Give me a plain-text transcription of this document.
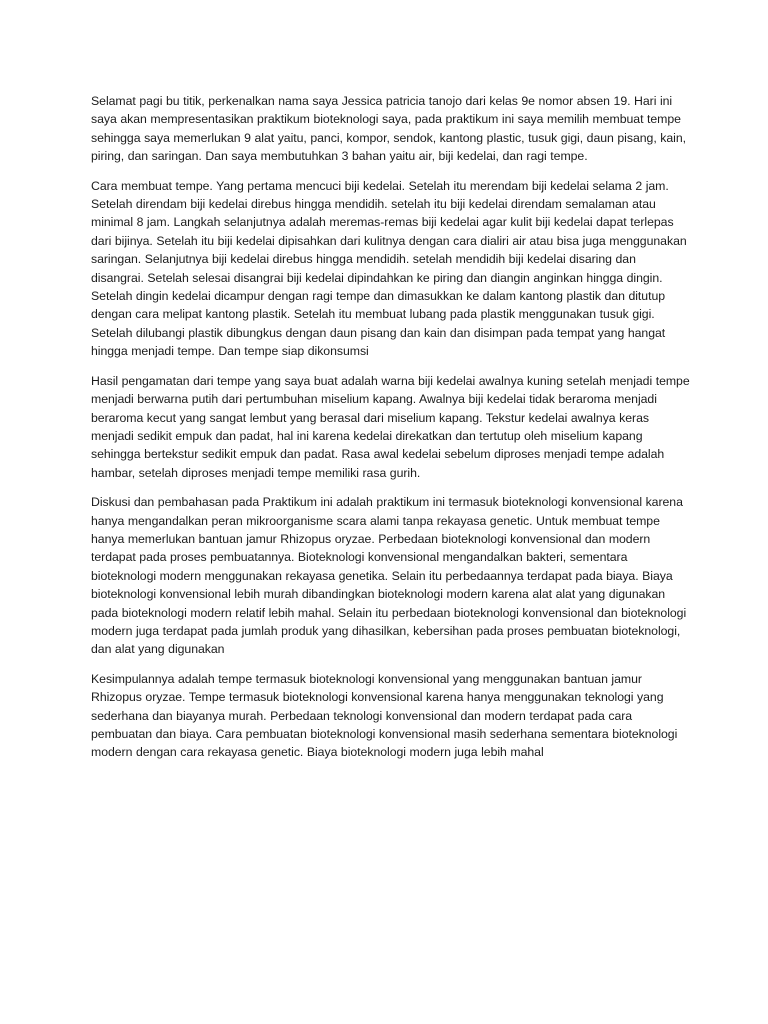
Selamat pagi bu titik, perkenalkan nama saya Jessica patricia tanojo dari kelas 9e nomor absen 19. Hari ini saya akan mempresentasikan praktikum bioteknologi saya, pada praktikum ini saya memilih membuat tempe sehingga saya memerlukan 9 alat yaitu, panci, kompor, sendok, kantong plastic, tusuk gigi, daun pisang, kain, piring, dan saringan. Dan saya membutuhkan 3 bahan yaitu air, biji kedelai, dan ragi tempe.

Cara membuat tempe. Yang pertama mencuci biji kedelai. Setelah itu merendam biji kedelai selama 2 jam. Setelah direndam biji kedelai direbus hingga mendidih. setelah itu biji kedelai direndam semalaman atau minimal 8 jam. Langkah selanjutnya adalah meremas-remas biji kedelai agar kulit biji kedelai dapat terlepas dari bijinya. Setelah itu biji kedelai dipisahkan dari kulitnya dengan cara dialiri air atau bisa juga menggunakan saringan. Selanjutnya biji kedelai direbus hingga mendidih. setelah mendidih biji kedelai disaring dan disangrai. Setelah selesai disangrai biji kedelai dipindahkan ke piring dan diangin anginkan hingga dingin. Setelah dingin kedelai dicampur dengan ragi tempe dan dimasukkan ke dalam kantong plastik dan ditutup dengan cara melipat kantong plastik. Setelah itu membuat lubang pada plastik menggunakan tusuk gigi. Setelah dilubangi plastik dibungkus dengan daun pisang dan kain dan disimpan pada tempat yang hangat hingga menjadi tempe. Dan tempe siap dikonsumsi

Hasil pengamatan dari tempe yang saya buat adalah warna biji kedelai awalnya kuning setelah menjadi tempe menjadi berwarna putih dari pertumbuhan miselium kapang. Awalnya biji kedelai tidak beraroma menjadi beraroma kecut yang sangat lembut yang berasal dari miselium kapang. Tekstur kedelai awalnya keras menjadi sedikit empuk dan padat, hal ini karena kedelai direkatkan dan tertutup oleh miselium kapang sehingga bertekstur sedikit empuk dan padat. Rasa awal kedelai sebelum diproses menjadi tempe adalah hambar, setelah diproses menjadi tempe memiliki rasa gurih.

Diskusi dan pembahasan pada Praktikum ini adalah praktikum ini termasuk bioteknologi konvensional karena hanya mengandalkan peran mikroorganisme scara alami tanpa rekayasa genetic. Untuk membuat tempe hanya memerlukan bantuan jamur Rhizopus oryzae. Perbedaan bioteknologi konvensional dan modern terdapat pada proses pembuatannya. Bioteknologi konvensional mengandalkan bakteri, sementara bioteknologi modern menggunakan rekayasa genetika. Selain itu perbedaannya terdapat pada biaya. Biaya bioteknologi konvensional lebih murah dibandingkan bioteknologi modern karena alat alat yang digunakan pada bioteknologi modern relatif lebih mahal. Selain itu perbedaan bioteknologi konvensional dan bioteknologi modern juga terdapat pada jumlah produk yang dihasilkan, kebersihan pada proses pembuatan bioteknologi, dan alat yang digunakan

Kesimpulannya adalah tempe termasuk bioteknologi konvensional yang menggunakan bantuan jamur Rhizopus oryzae. Tempe termasuk bioteknologi konvensional karena hanya menggunakan teknologi yang sederhana dan biayanya murah. Perbedaan teknologi konvensional dan modern terdapat pada cara pembuatan dan biaya. Cara pembuatan bioteknologi konvensional masih sederhana sementara bioteknologi modern dengan cara rekayasa genetic. Biaya bioteknologi modern juga lebih mahal
